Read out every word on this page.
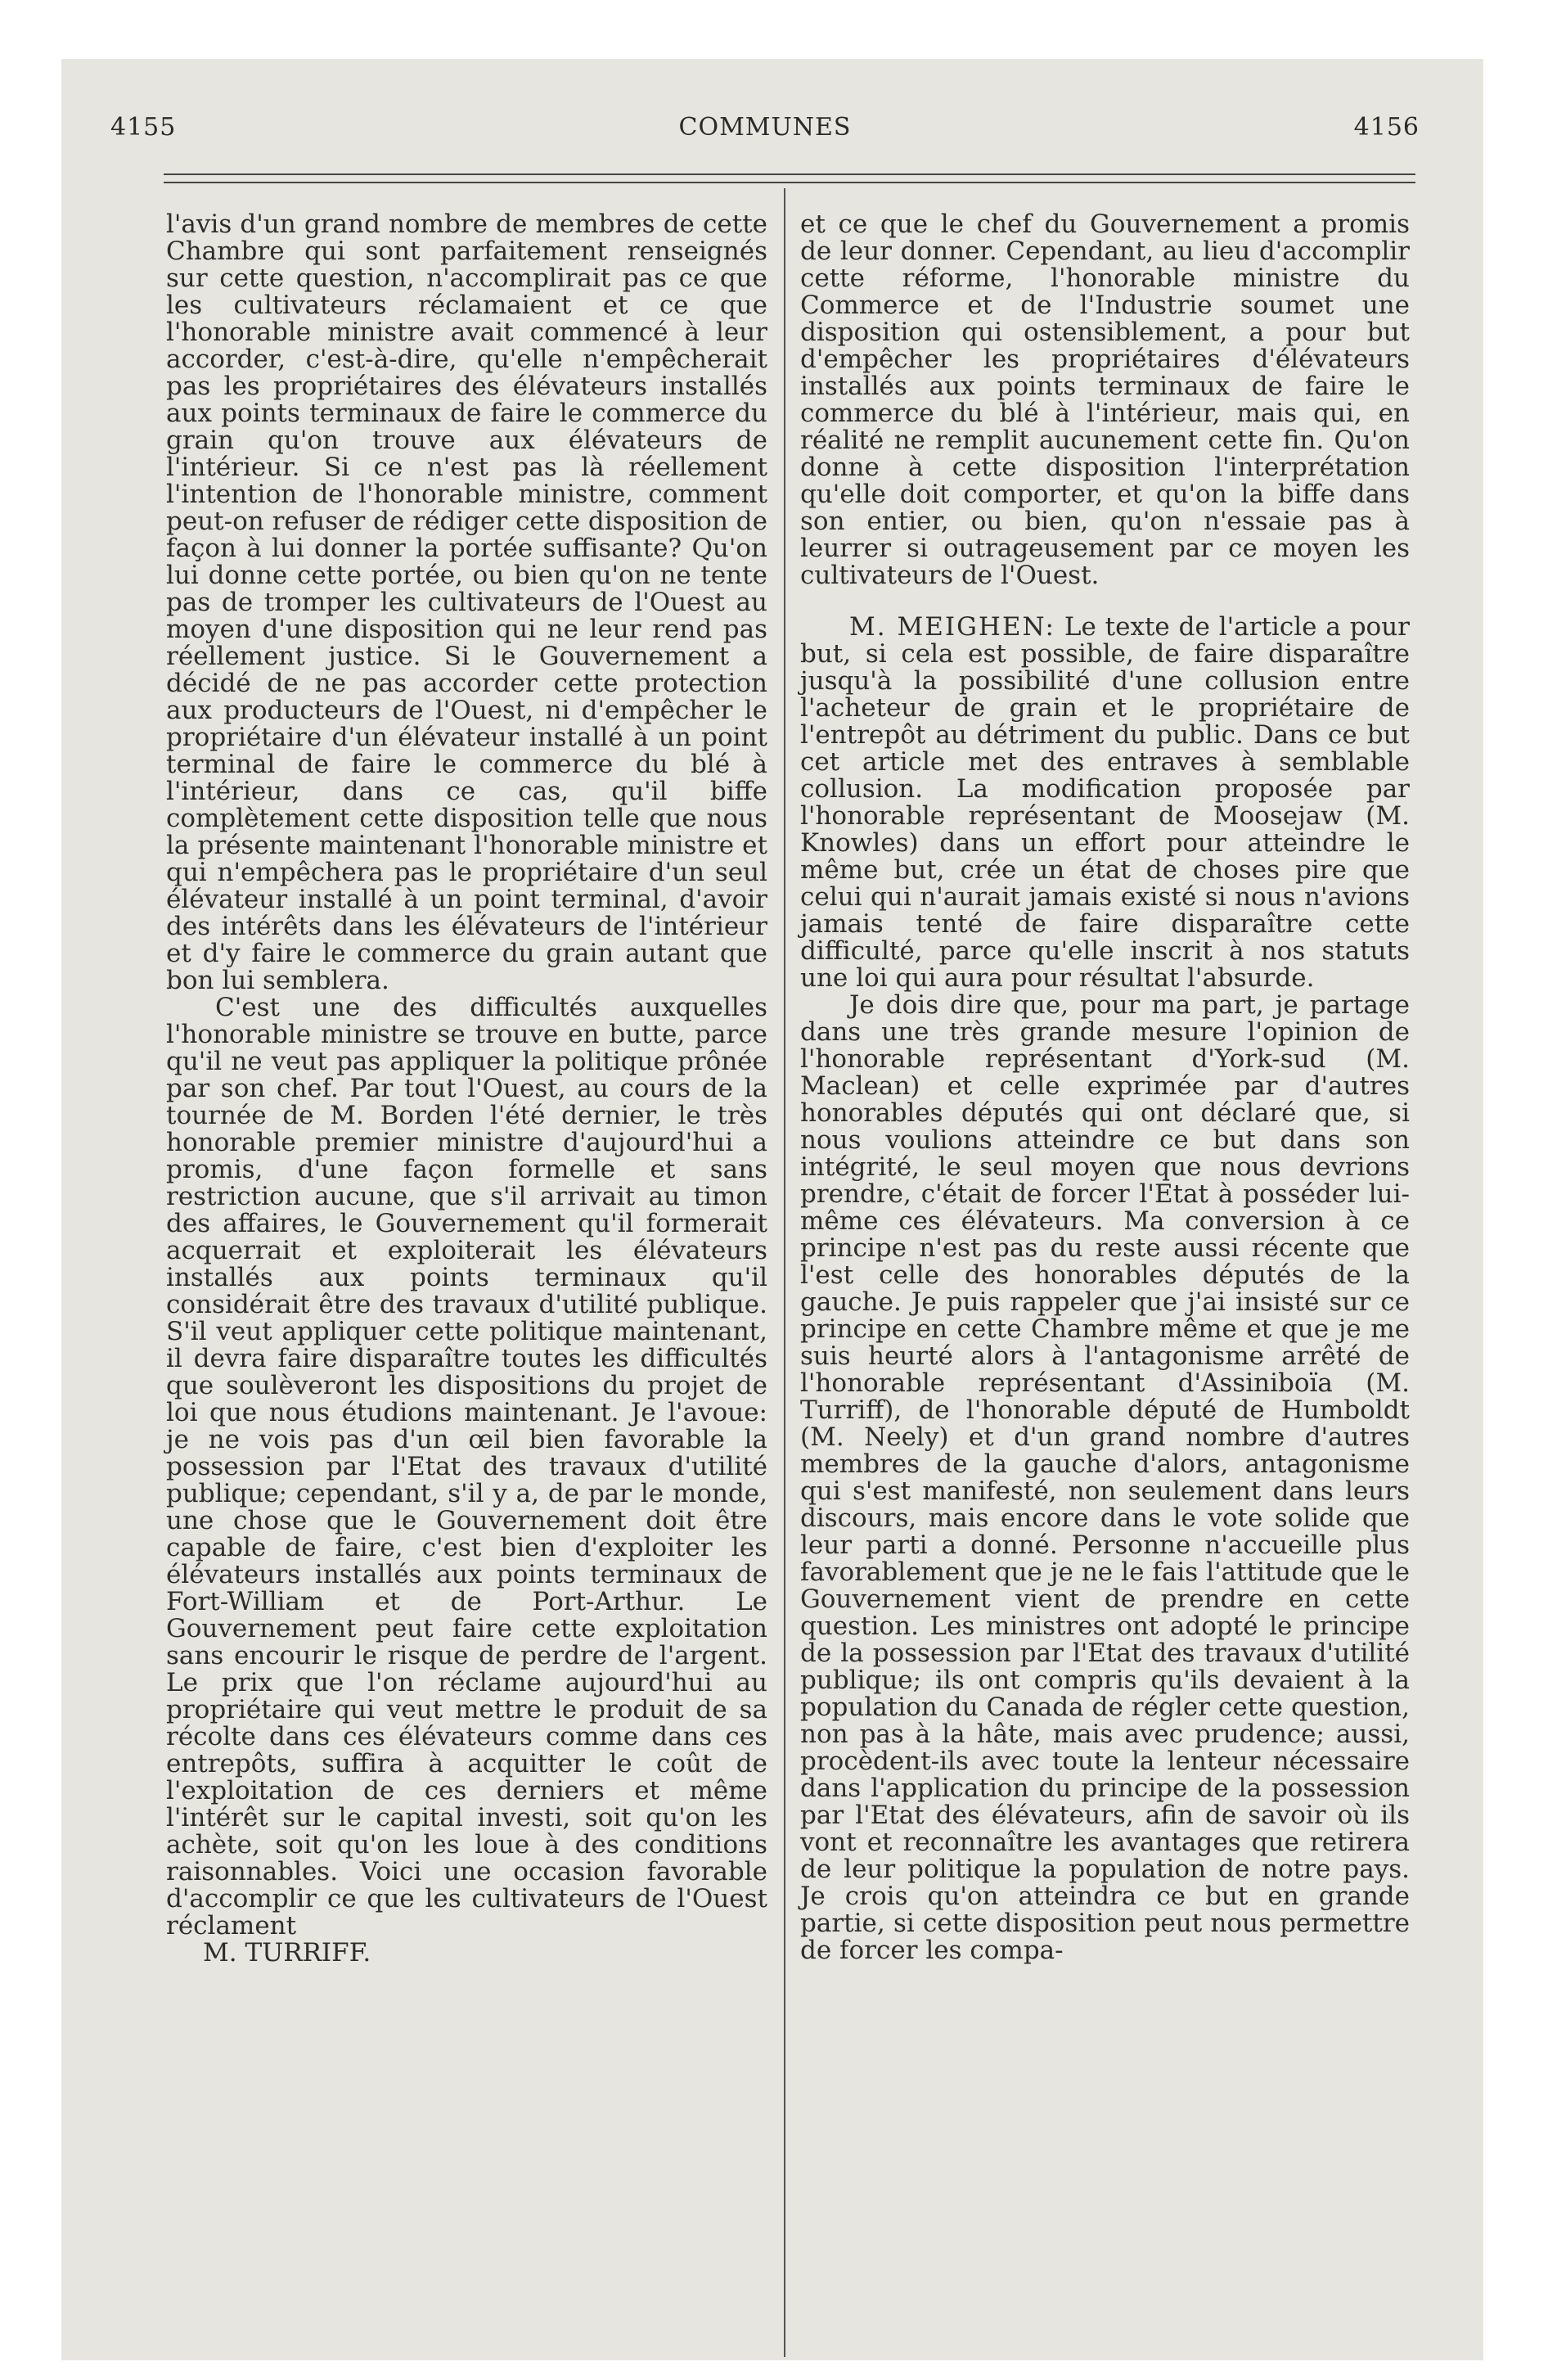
4155	COMMUNES	4156

l'avis d'un grand nombre de membres de cette Chambre qui sont parfaitement renseignés sur cette question, n'accomplirait pas ce que les cultivateurs réclamaient et ce que l'honorable ministre avait commencé à leur accorder, c'est-à-dire, qu'elle n'empêcherait pas les propriétaires des élévateurs installés aux points terminaux de faire le commerce du grain qu'on trouve aux élévateurs de l'intérieur. Si ce n'est pas là réellement l'intention de l'honorable ministre, comment peut-on refuser de rédiger cette disposition de façon à lui donner la portée suffisante? Qu'on lui donne cette portée, ou bien qu'on ne tente pas de tromper les cultivateurs de l'Ouest au moyen d'une disposition qui ne leur rend pas réellement justice. Si le Gouvernement a décidé de ne pas accorder cette protection aux producteurs de l'Ouest, ni d'empêcher le propriétaire d'un élévateur installé à un point terminal de faire le commerce du blé à l'intérieur, dans ce cas, qu'il biffe complètement cette disposition telle que nous la présente maintenant l'honorable ministre et qui n'empêchera pas le propriétaire d'un seul élévateur installé à un point terminal, d'avoir des intérêts dans les élévateurs de l'intérieur et d'y faire le commerce du grain autant que bon lui semblera.

C'est une des difficultés auxquelles l'honorable ministre se trouve en butte, parce qu'il ne veut pas appliquer la politique prônée par son chef. Par tout l'Ouest, au cours de la tournée de M. Borden l'été dernier, le très honorable premier ministre d'aujourd'hui a promis, d'une façon formelle et sans restriction aucune, que s'il arrivait au timon des affaires, le Gouvernement qu'il formerait acquerrait et exploiterait les élévateurs installés aux points terminaux qu'il considérait être des travaux d'utilité publique. S'il veut appliquer cette politique maintenant, il devra faire disparaître toutes les difficultés que soulèveront les dispositions du projet de loi que nous étudions maintenant. Je l'avoue: je ne vois pas d'un œil bien favorable la possession par l'Etat des travaux d'utilité publique; cependant, s'il y a, de par le monde, une chose que le Gouvernement doit être capable de faire, c'est bien d'exploiter les élévateurs installés aux points terminaux de Fort-William et de Port-Arthur. Le Gouvernement peut faire cette exploitation sans encourir le risque de perdre de l'argent. Le prix que l'on réclame aujourd'hui au propriétaire qui veut mettre le produit de sa récolte dans ces élévateurs comme dans ces entrepôts, suffira à acquitter le coût de l'exploitation de ces derniers et même l'intérêt sur le capital investi, soit qu'on les achète, soit qu'on les loue à des conditions raisonnables. Voici une occasion favorable d'accomplir ce que les cultivateurs de l'Ouest réclament

M. TURRIFF.

et ce que le chef du Gouvernement a promis de leur donner. Cependant, au lieu d'accomplir cette réforme, l'honorable ministre du Commerce et de l'Industrie soumet une disposition qui ostensiblement, a pour but d'empêcher les propriétaires d'élévateurs installés aux points terminaux de faire le commerce du blé à l'intérieur, mais qui, en réalité ne remplit aucunement cette fin. Qu'on donne à cette disposition l'interprétation qu'elle doit comporter, et qu'on la biffe dans son entier, ou bien, qu'on n'essaie pas à leurrer si outrageusement par ce moyen les cultivateurs de l'Ouest.

M. MEIGHEN: Le texte de l'article a pour but, si cela est possible, de faire disparaître jusqu'à la possibilité d'une collusion entre l'acheteur de grain et le propriétaire de l'entrepôt au détriment du public. Dans ce but cet article met des entraves à semblable collusion. La modification proposée par l'honorable représentant de Moosejaw (M. Knowles) dans un effort pour atteindre le même but, crée un état de choses pire que celui qui n'aurait jamais existé si nous n'avions jamais tenté de faire disparaître cette difficulté, parce qu'elle inscrit à nos statuts une loi qui aura pour résultat l'absurde.

Je dois dire que, pour ma part, je partage dans une très grande mesure l'opinion de l'honorable représentant d'York-sud (M. Maclean) et celle exprimée par d'autres honorables députés qui ont déclaré que, si nous voulions atteindre ce but dans son intégrité, le seul moyen que nous devrions prendre, c'était de forcer l'Etat à posséder lui-même ces élévateurs. Ma conversion à ce principe n'est pas du reste aussi récente que l'est celle des honorables députés de la gauche. Je puis rappeler que j'ai insisté sur ce principe en cette Chambre même et que je me suis heurté alors à l'antagonisme arrêté de l'honorable représentant d'Assiniboïa (M. Turriff), de l'honorable député de Humboldt (M. Neely) et d'un grand nombre d'autres membres de la gauche d'alors, antagonisme qui s'est manifesté, non seulement dans leurs discours, mais encore dans le vote solide que leur parti a donné. Personne n'accueille plus favorablement que je ne le fais l'attitude que le Gouvernement vient de prendre en cette question. Les ministres ont adopté le principe de la possession par l'Etat des travaux d'utilité publique; ils ont compris qu'ils devaient à la population du Canada de régler cette question, non pas à la hâte, mais avec prudence; aussi, procèdent-ils avec toute la lenteur nécessaire dans l'application du principe de la possession par l'Etat des élévateurs, afin de savoir où ils vont et reconnaître les avantages que retirera de leur politique la population de notre pays. Je crois qu'on atteindra ce but en grande partie, si cette disposition peut nous permettre de forcer les compa-
